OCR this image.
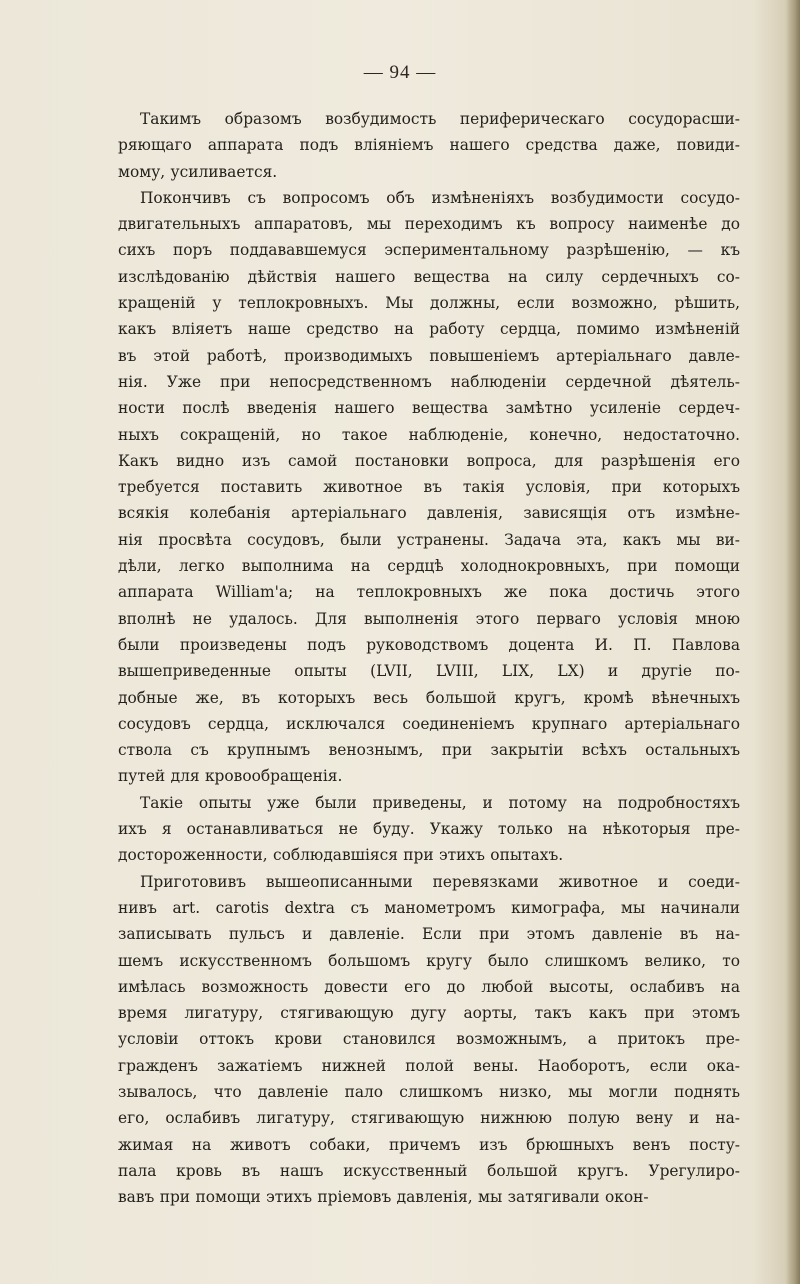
— 94 —
Такимъ образомъ возбудимость периферическаго сосудорасши-
ряющаго аппарата подъ вліяніемъ нашего средства даже, повиди-
мому, усиливается.
Покончивъ съ вопросомъ объ измѣненіяхъ возбудимости сосудо-
двигательныхъ аппаратовъ, мы переходимъ къ вопросу наименѣе до
сихъ поръ поддававшемуся эспериментальному разрѣшенію, — къ
изслѣдованію дѣйствія нашего вещества на силу сердечныхъ со-
кращеній у теплокровныхъ. Мы должны, если возможно, рѣшить,
какъ вліяетъ наше средство на работу сердца, помимо измѣненій
въ этой работѣ, производимыхъ повышеніемъ артеріальнаго давле-
нія. Уже при непосредственномъ наблюденіи сердечной дѣятель-
ности послѣ введенія нашего вещества замѣтно усиленіе сердеч-
ныхъ сокращеній, но такое наблюденіе, конечно, недостаточно.
Какъ видно изъ самой постановки вопроса, для разрѣшенія его
требуется поставить животное въ такія условія, при которыхъ
всякія колебанія артеріальнаго давленія, зависящія отъ измѣне-
нія просвѣта сосудовъ, были устранены. Задача эта, какъ мы ви-
дѣли, легко выполнима на сердцѣ холоднокровныхъ, при помощи
аппарата William'a; на теплокровныхъ же пока достичь этого
вполнѣ не удалось. Для выполненія этого перваго условія мною
были произведены подъ руководствомъ доцента И. П. Павлова
вышеприведенные опыты (LVII, LVIII, LIX, LX) и другіе по-
добные же, въ которыхъ весь большой кругъ, кромѣ вѣнечныхъ
сосудовъ сердца, исключался соединеніемъ крупнаго артеріальнаго
ствола съ крупнымъ венознымъ, при закрытіи всѣхъ остальныхъ
путей для кровообращенія.
Такіе опыты уже были приведены, и потому на подробностяхъ
ихъ я останавливаться не буду. Укажу только на нѣкоторыя пре-
достороженности, соблюдавшіяся при этихъ опытахъ.
Приготовивъ вышеописанными перевязками животное и соеди-
нивъ art. carotis dextra съ манометромъ кимографа, мы начинали
записывать пульсъ и давленіе. Если при этомъ давленіе въ на-
шемъ искусственномъ большомъ кругу было слишкомъ велико, то
имѣлась возможность довести его до любой высоты, ослабивъ на
время лигатуру, стягивающую дугу аорты, такъ какъ при этомъ
условіи оттокъ крови становился возможнымъ, а притокъ пре-
гражденъ зажатіемъ нижней полой вены. Наоборотъ, если ока-
зывалось, что давленіе пало слишкомъ низко, мы могли поднять
его, ослабивъ лигатуру, стягивающую нижнюю полую вену и на-
жимая на животъ собаки, причемъ изъ брюшныхъ венъ посту-
пала кровь въ нашъ искусственный большой кругъ. Урегулиро-
вавъ при помощи этихъ пріемовъ давленія, мы затягивали окон-
